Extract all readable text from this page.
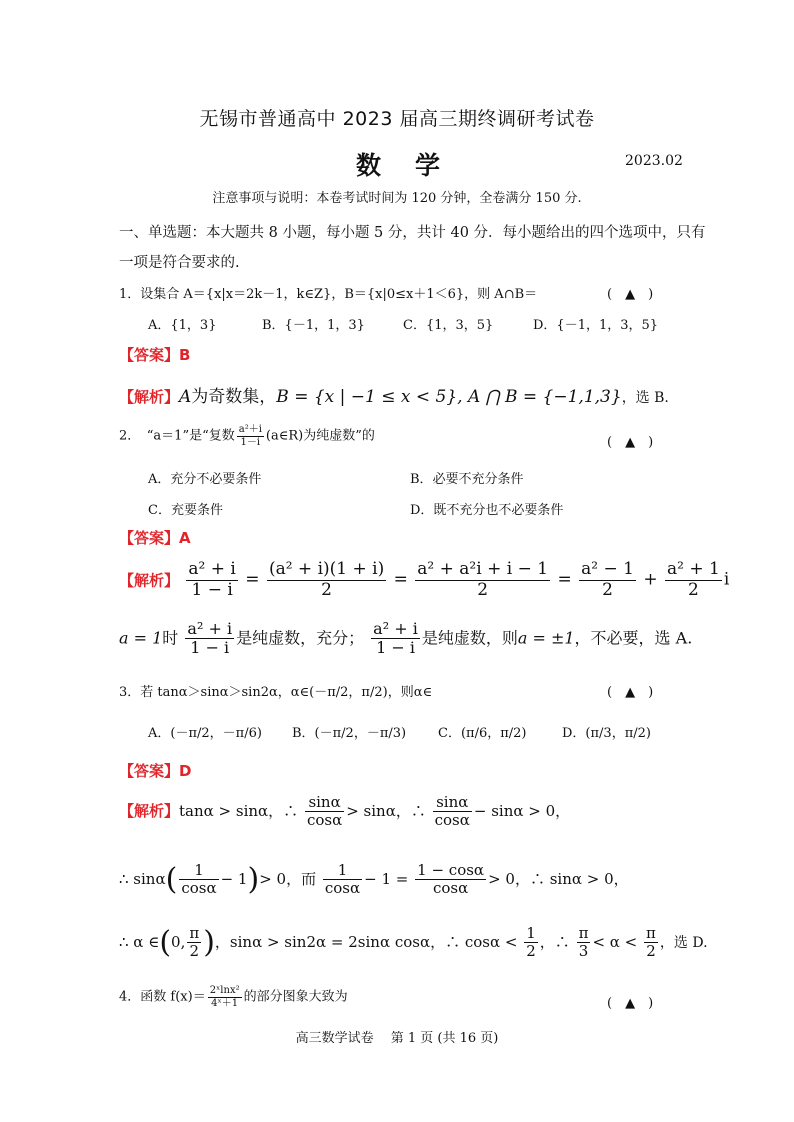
无锡市普通高中 2023 届高三期终调研考试卷
数学	2023.02
注意事项与说明：本卷考试时间为 120 分钟，全卷满分 150 分.
一、单选题：本大题共 8 小题，每小题 5 分，共计 40 分．每小题给出的四个选项中，只有
一项是符合要求的.
1．设集合 A＝{x|x＝2k－1，k∈Z}，B＝{x|0≤x＋1＜6}，则 A∩B＝	(　▲　)
A．{1，3}	B．{－1，1，3}	C．{1，3，5}	D．{－1，1，3，5}
【答案】B
【解析】A为奇数集，B = {x | −1 ≤ x < 5}, A ⋂ B = {−1,1,3}，选 B.
2．　“a＝1”是“复数 $\frac{\text{a²＋i}}{1-i}$ (a∈R)为纯虚数”的	(　▲　)
A．充分不必要条件	B．必要不充分条件
C．充要条件	D．既不充分也不必要条件
【答案】A
【解析】 $\frac{\text{a² + i}}{1 - i} = \frac{\text{(a² + i)(1 + i)}}{2} = \frac{\text{a² + a²i + i − 1}}{2} = \frac{\text{a² − 1}}{2} + \frac{\text{a² + 1}}{2}$ i
a = 1时 $\frac{\text{a² + i}}{1 - i}$ 是纯虚数，充分； $\frac{\text{a² + i}}{1 - i}$ 是纯虚数，则a = ±1，不必要，选 A.
3．若 tanα＞sinα＞sin2α，α∈(－π/2，π/2)，则α∈	(　▲　)
A．(－π/2，－π/6) B．(－π/2，－π/3) C．(π/6，π/2)	D．(π/3，π/2)
【答案】D
【解析】tanα > sinα，∴ $\frac{\sin\alpha}{\cos\alpha} > \sin\alpha$，∴ $\frac{\sin\alpha}{\cos\alpha} - \sin\alpha > 0$，
∴ $\sin\alpha( \frac{1}{\cos\alpha} - 1)> 0$，而 $\frac{1}{\cos\alpha} - 1 = \frac{1 - \cos\alpha}{\cos\alpha} > 0$，∴ sinα > 0，
∴ α ∈(0, $\frac{\pi}{2}$ )，sinα > sin2α = 2sinα cosα，∴ $\cos\alpha < \frac{1}{2}$ ，∴ $\frac{\pi}{3} < \alpha < \frac{\pi}{2}$ ，选 D.
4．函数 $f(x)= \frac{\text{2ˣlnx²}}{\text{4ˣ＋1}}$ 的部分图象大致为	(　▲　)
高三数学试卷　 第 1 页 (共 16 页)
